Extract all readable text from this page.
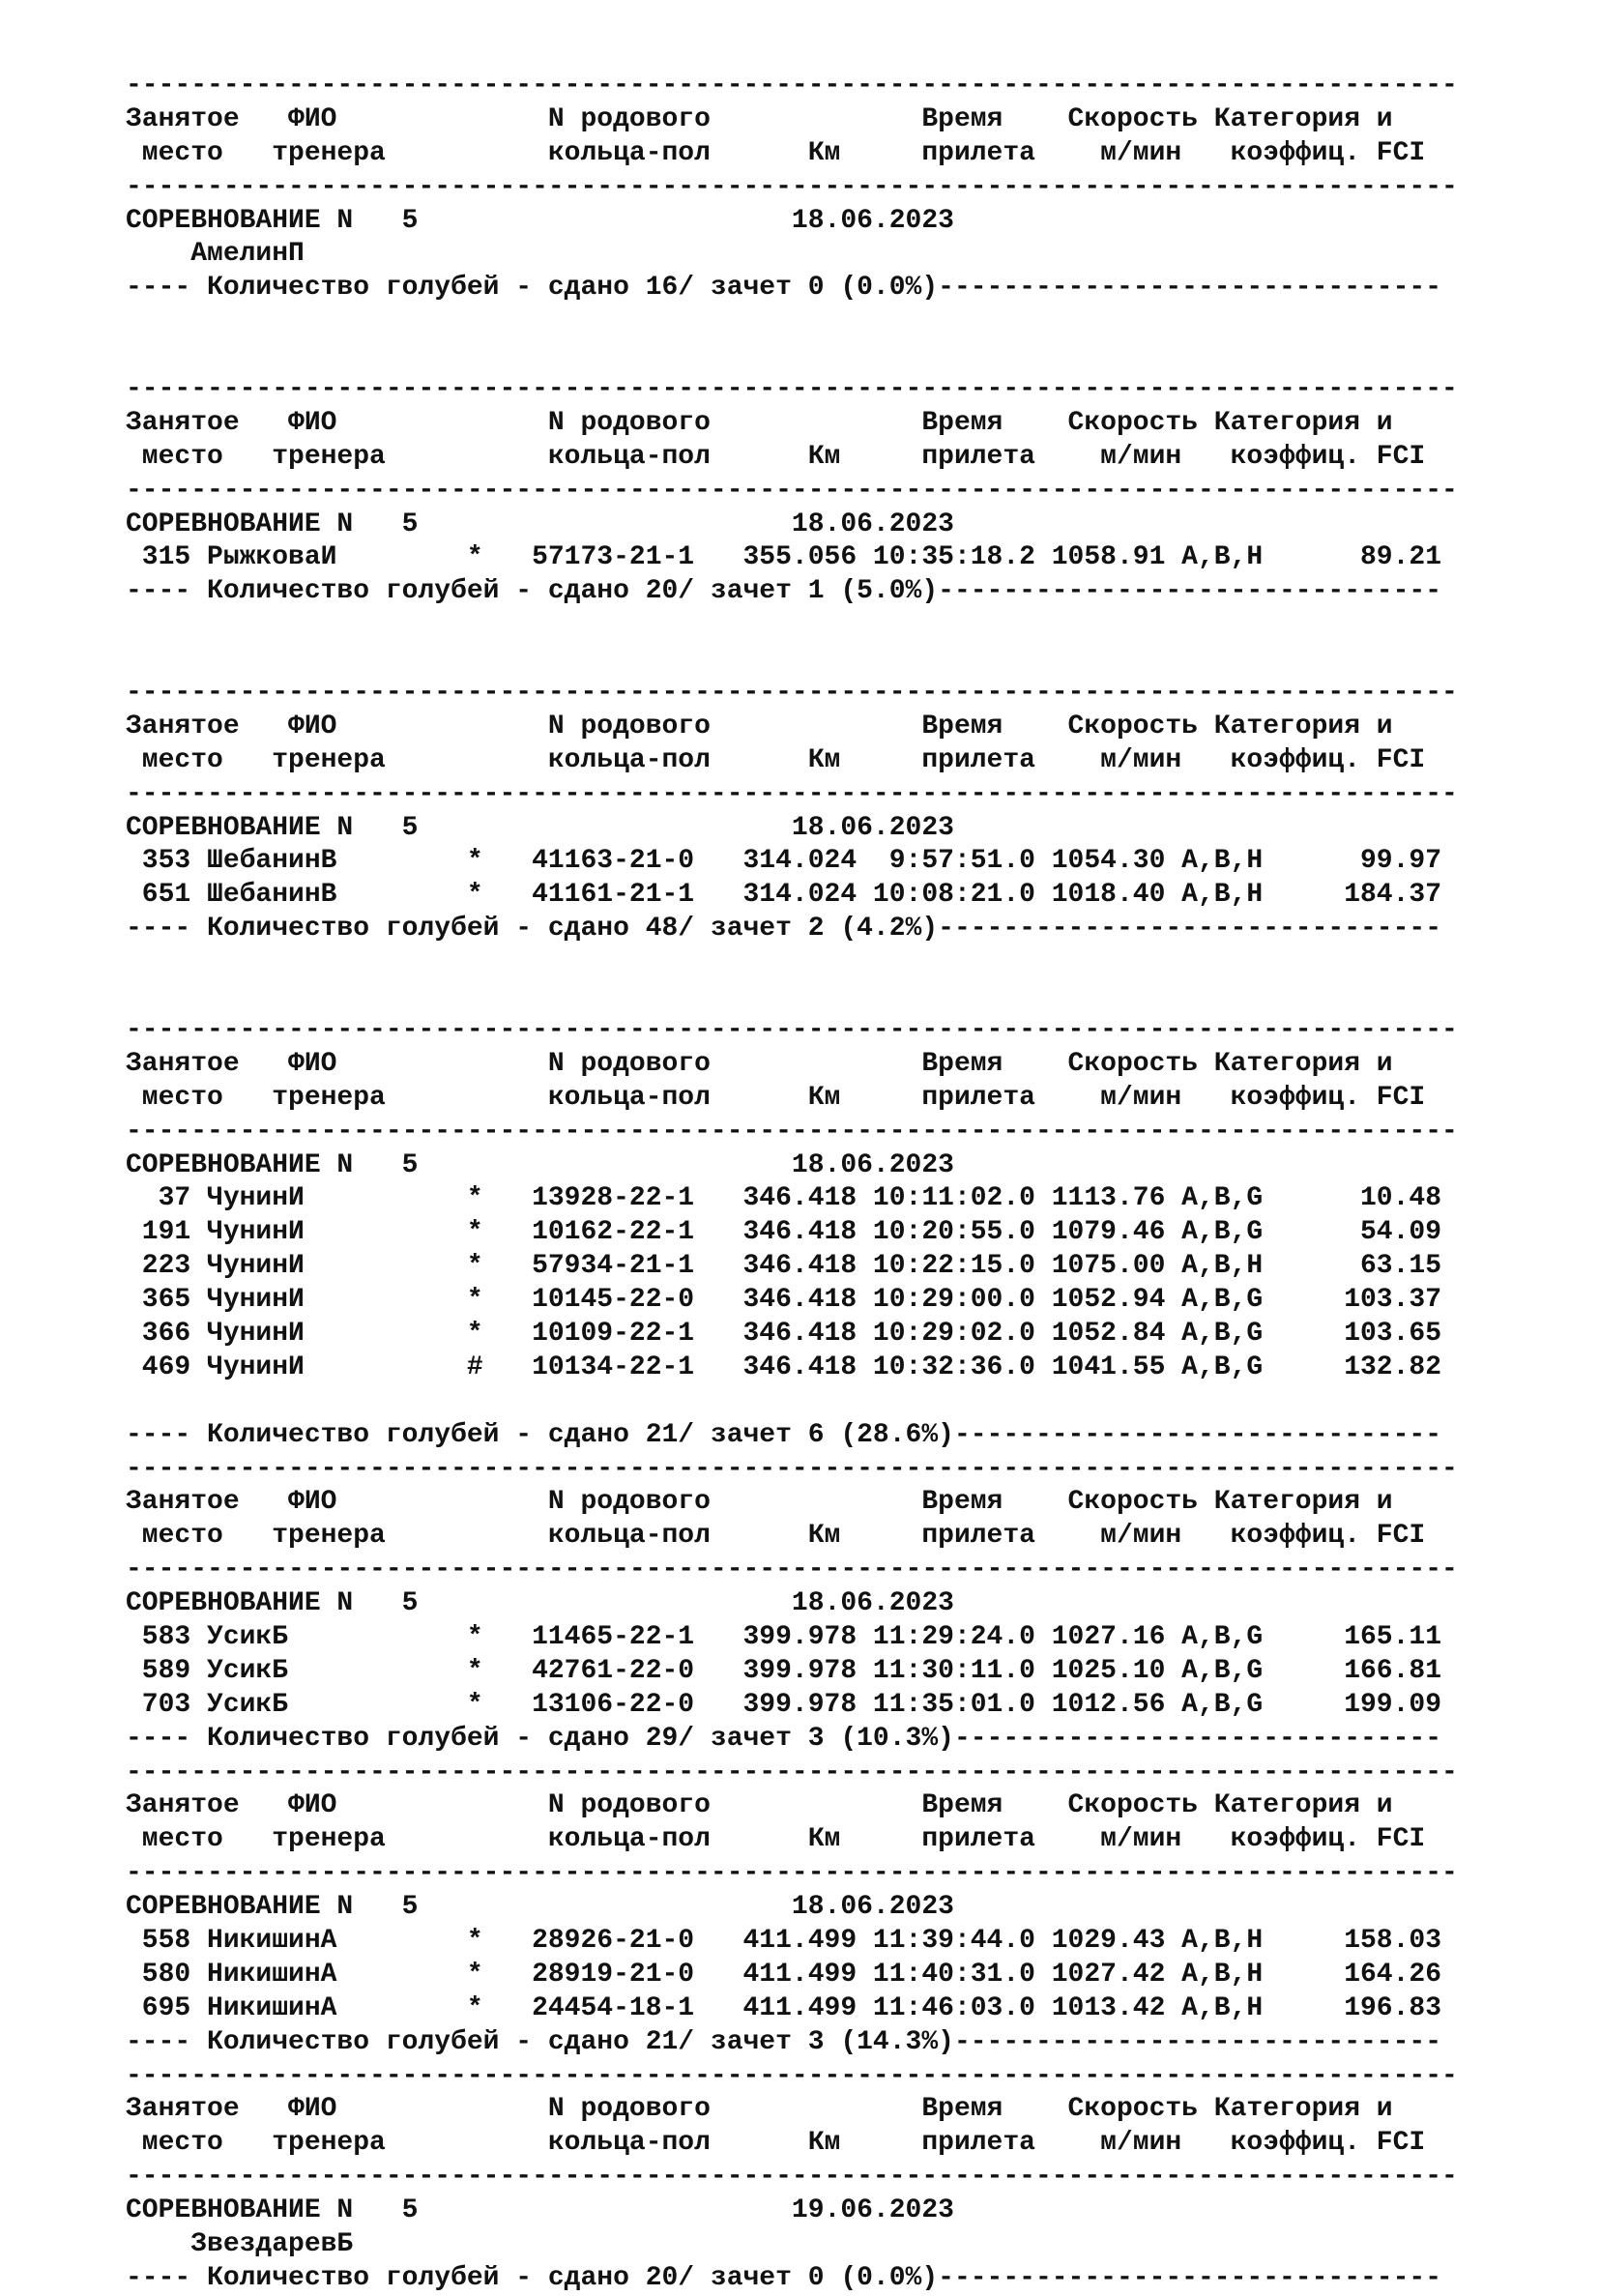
----------------------------------------------------------------------------------
Занятое   ФИО             N родового             Время    Скорость Категория и
место   тренера          кольца-пол      Км     прилета    м/мин   коэффиц. FCI
----------------------------------------------------------------------------------
СОРЕВНОВАНИЕ N   5                       18.06.2023
АмелинП
---- Количество голубей - сдано 16/ зачет 0 (0.0%)-------------------------------
----------------------------------------------------------------------------------
Занятое   ФИО             N родового             Время    Скорость Категория и
место   тренера          кольца-пол      Км     прилета    м/мин   коэффиц. FCI
----------------------------------------------------------------------------------
СОРЕВНОВАНИЕ N   5                       18.06.2023
315 РыжковаИ        *   57173-21-1   355.056 10:35:18.2 1058.91 А,В,Н      89.21
---- Количество голубей - сдано 20/ зачет 1 (5.0%)-------------------------------
----------------------------------------------------------------------------------
Занятое   ФИО             N родового             Время    Скорость Категория и
место   тренера          кольца-пол      Км     прилета    м/мин   коэффиц. FCI
----------------------------------------------------------------------------------
СОРЕВНОВАНИЕ N   5                       18.06.2023
353 ШебанинВ        *   41163-21-0   314.024  9:57:51.0 1054.30 А,В,Н      99.97
651 ШебанинВ        *   41161-21-1   314.024 10:08:21.0 1018.40 А,В,Н     184.37
---- Количество голубей - сдано 48/ зачет 2 (4.2%)-------------------------------
----------------------------------------------------------------------------------
Занятое   ФИО             N родового             Время    Скорость Категория и
место   тренера          кольца-пол      Км     прилета    м/мин   коэффиц. FCI
----------------------------------------------------------------------------------
СОРЕВНОВАНИЕ N   5                       18.06.2023
37 ЧунинИ          *   13928-22-1   346.418 10:11:02.0 1113.76 А,В,G      10.48
191 ЧунинИ          *   10162-22-1   346.418 10:20:55.0 1079.46 А,В,G      54.09
223 ЧунинИ          *   57934-21-1   346.418 10:22:15.0 1075.00 А,В,Н      63.15
365 ЧунинИ          *   10145-22-0   346.418 10:29:00.0 1052.94 А,В,G     103.37
366 ЧунинИ          *   10109-22-1   346.418 10:29:02.0 1052.84 А,В,G     103.65
469 ЧунинИ          #   10134-22-1   346.418 10:32:36.0 1041.55 А,В,G     132.82
---- Количество голубей - сдано 21/ зачет 6 (28.6%)------------------------------
----------------------------------------------------------------------------------
Занятое   ФИО             N родового             Время    Скорость Категория и
место   тренера          кольца-пол      Км     прилета    м/мин   коэффиц. FCI
----------------------------------------------------------------------------------
СОРЕВНОВАНИЕ N   5                       18.06.2023
583 УсикБ           *   11465-22-1   399.978 11:29:24.0 1027.16 А,В,G     165.11
589 УсикБ           *   42761-22-0   399.978 11:30:11.0 1025.10 А,В,G     166.81
703 УсикБ           *   13106-22-0   399.978 11:35:01.0 1012.56 А,В,G     199.09
---- Количество голубей - сдано 29/ зачет 3 (10.3%)------------------------------
----------------------------------------------------------------------------------
Занятое   ФИО             N родового             Время    Скорость Категория и
место   тренера          кольца-пол      Км     прилета    м/мин   коэффиц. FCI
----------------------------------------------------------------------------------
СОРЕВНОВАНИЕ N   5                       18.06.2023
558 НикишинА        *   28926-21-0   411.499 11:39:44.0 1029.43 А,В,Н     158.03
580 НикишинА        *   28919-21-0   411.499 11:40:31.0 1027.42 А,В,Н     164.26
695 НикишинА        *   24454-18-1   411.499 11:46:03.0 1013.42 А,В,Н     196.83
---- Количество голубей - сдано 21/ зачет 3 (14.3%)------------------------------
----------------------------------------------------------------------------------
Занятое   ФИО             N родового             Время    Скорость Категория и
место   тренера          кольца-пол      Км     прилета    м/мин   коэффиц. FCI
----------------------------------------------------------------------------------
СОРЕВНОВАНИЕ N   5                       19.06.2023
ЗвездаревБ
---- Количество голубей - сдано 20/ зачет 0 (0.0%)-------------------------------
